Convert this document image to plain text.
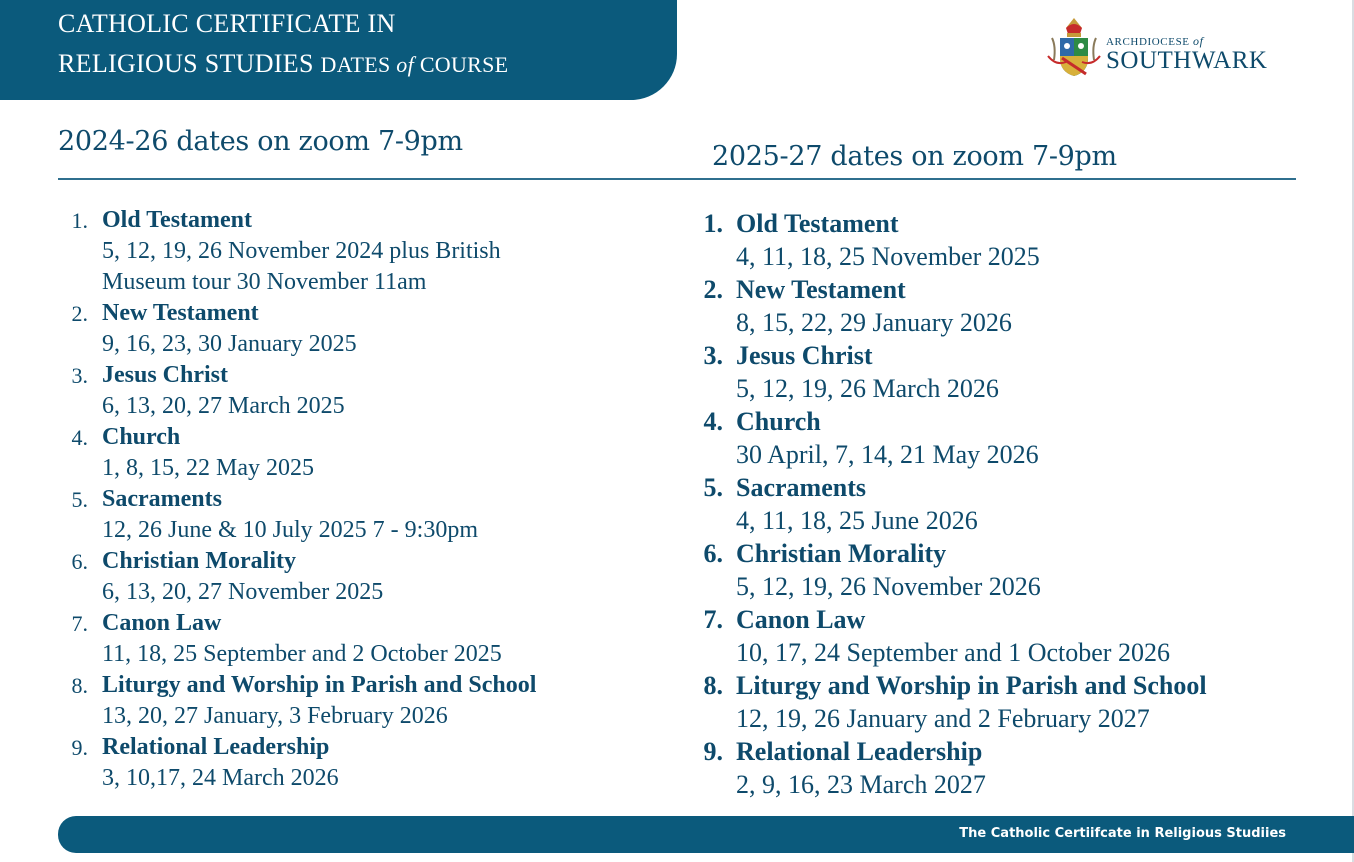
CATHOLIC CERTIFICATE IN
RELIGIOUS STUDIES DATES of COURSE
ARCHDIOCESE of
SOUTHWARK
2024-26 dates on zoom 7-9pm	2025-27 dates on zoom 7-9pm
1. Old Testament
5, 12, 19, 26 November 2024 plus British
Museum tour 30 November 11am
2. New Testament
9, 16, 23, 30 January 2025
3. Jesus Christ
6, 13, 20, 27 March 2025
4. Church
1, 8, 15, 22 May 2025
5. Sacraments
12, 26 June & 10 July 2025 7 - 9:30pm
6. Christian Morality
6, 13, 20, 27 November 2025
7. Canon Law
11, 18, 25 September and 2 October 2025
8. Liturgy and Worship in Parish and School
13, 20, 27 January, 3 February 2026
9. Relational Leadership
3, 10,17, 24 March 2026
1. Old Testament
4, 11, 18, 25 November 2025
2. New Testament
8, 15, 22, 29 January 2026
3. Jesus Christ
5, 12, 19, 26 March 2026
4. Church
30 April, 7, 14, 21 May 2026
5. Sacraments
4, 11, 18, 25 June 2026
6. Christian Morality
5, 12, 19, 26 November 2026
7. Canon Law
10, 17, 24 September and 1 October 2026
8. Liturgy and Worship in Parish and School
12, 19, 26 January and 2 February 2027
9. Relational Leadership
2, 9, 16, 23 March 2027
The Catholic Certiifcate in Religious Studiies
